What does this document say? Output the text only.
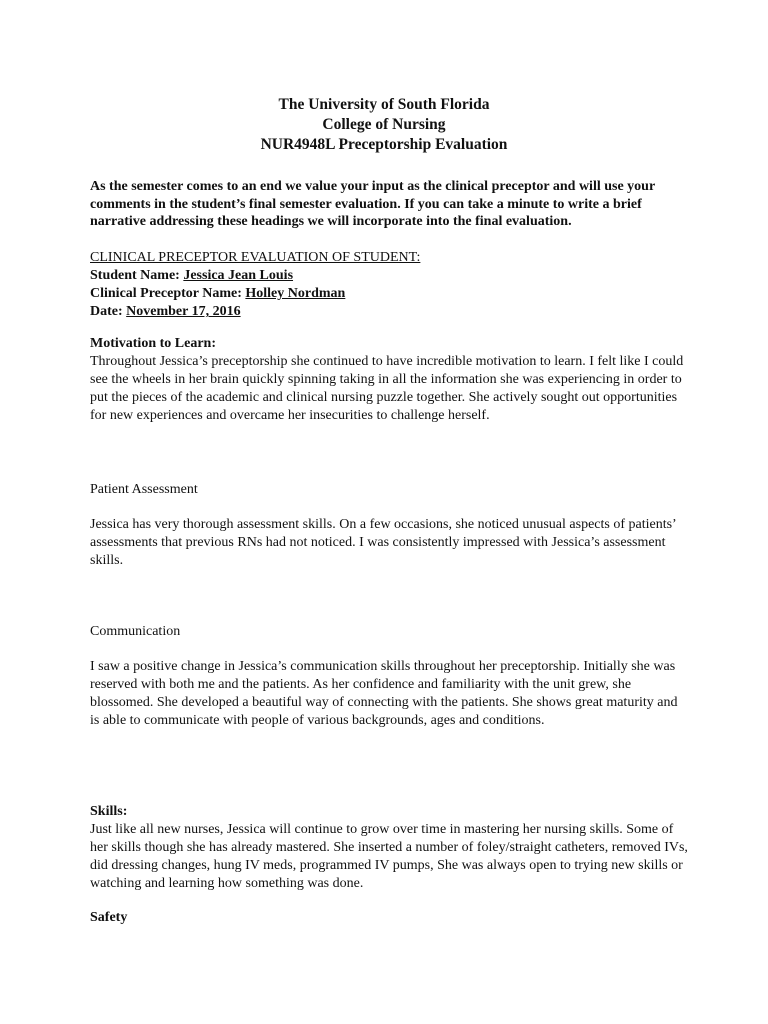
The University of South Florida
College of Nursing
NUR4948L Preceptorship Evaluation
As the semester comes to an end we value your input as the clinical preceptor and will use your comments in the student’s final semester evaluation. If you can take a minute to write a brief narrative addressing these headings we will incorporate into the final evaluation.
CLINICAL PRECEPTOR EVALUATION OF STUDENT:
Student Name: Jessica Jean Louis
Clinical Preceptor Name: Holley Nordman
Date: November 17, 2016
Motivation to Learn:

Throughout Jessica’s preceptorship she continued to have incredible motivation to learn. I felt like I could see the wheels in her brain quickly spinning taking in all the information she was experiencing in order to put the pieces of the academic and clinical nursing puzzle together. She actively sought out opportunities for new experiences and overcame her insecurities to challenge herself.

Patient Assessment

Jessica has very thorough assessment skills. On a few occasions, she noticed unusual aspects of patients’ assessments that previous RNs had not noticed. I was consistently impressed with Jessica’s assessment skills.

Communication

I saw a positive change in Jessica’s communication skills throughout her preceptorship. Initially she was reserved with both me and the patients. As her confidence and familiarity with the unit grew, she blossomed. She developed a beautiful way of connecting with the patients. She shows great maturity and is able to communicate with people of various backgrounds, ages and conditions.

Skills:

Just like all new nurses, Jessica will continue to grow over time in mastering her nursing skills. Some of her skills though she has already mastered. She inserted a number of foley/straight catheters, removed IVs, did dressing changes, hung IV meds, programmed IV pumps, She was always open to trying new skills or watching and learning how something was done.

Safety
